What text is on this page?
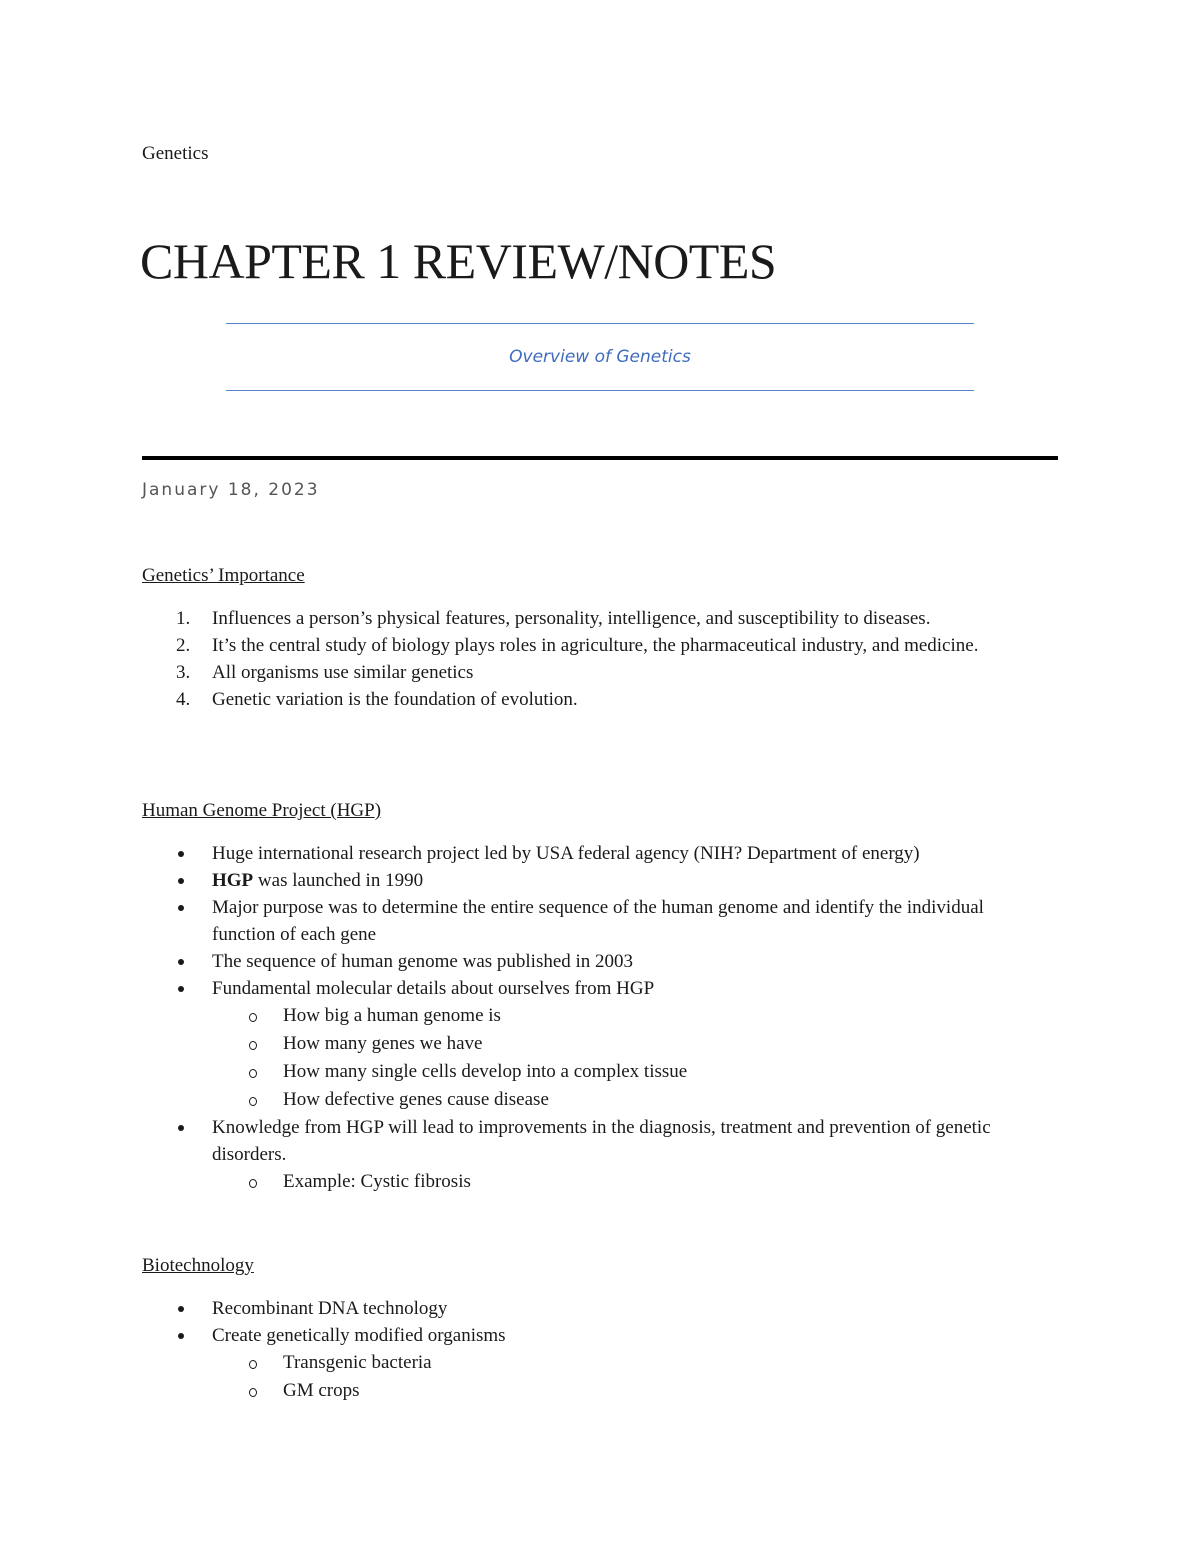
Genetics

CHAPTER 1 REVIEW/NOTES
Overview of Genetics
January 18, 2023
Genetics’ Importance
1. Influences a person’s physical features, personality, intelligence, and susceptibility to diseases.
2. It’s the central study of biology plays roles in agriculture, the pharmaceutical industry, and medicine.
3. All organisms use similar genetics
4. Genetic variation is the foundation of evolution.
Human Genome Project (HGP)
Huge international research project led by USA federal agency (NIH? Department of energy)
HGP was launched in 1990
Major purpose was to determine the entire sequence of the human genome and identify the individual function of each gene
The sequence of human genome was published in 2003
Fundamental molecular details about ourselves from HGP
How big a human genome is
How many genes we have
How many single cells develop into a complex tissue
How defective genes cause disease
Knowledge from HGP will lead to improvements in the diagnosis, treatment and prevention of genetic disorders.
Example: Cystic fibrosis
Biotechnology
Recombinant DNA technology
Create genetically modified organisms
Transgenic bacteria
GM crops
